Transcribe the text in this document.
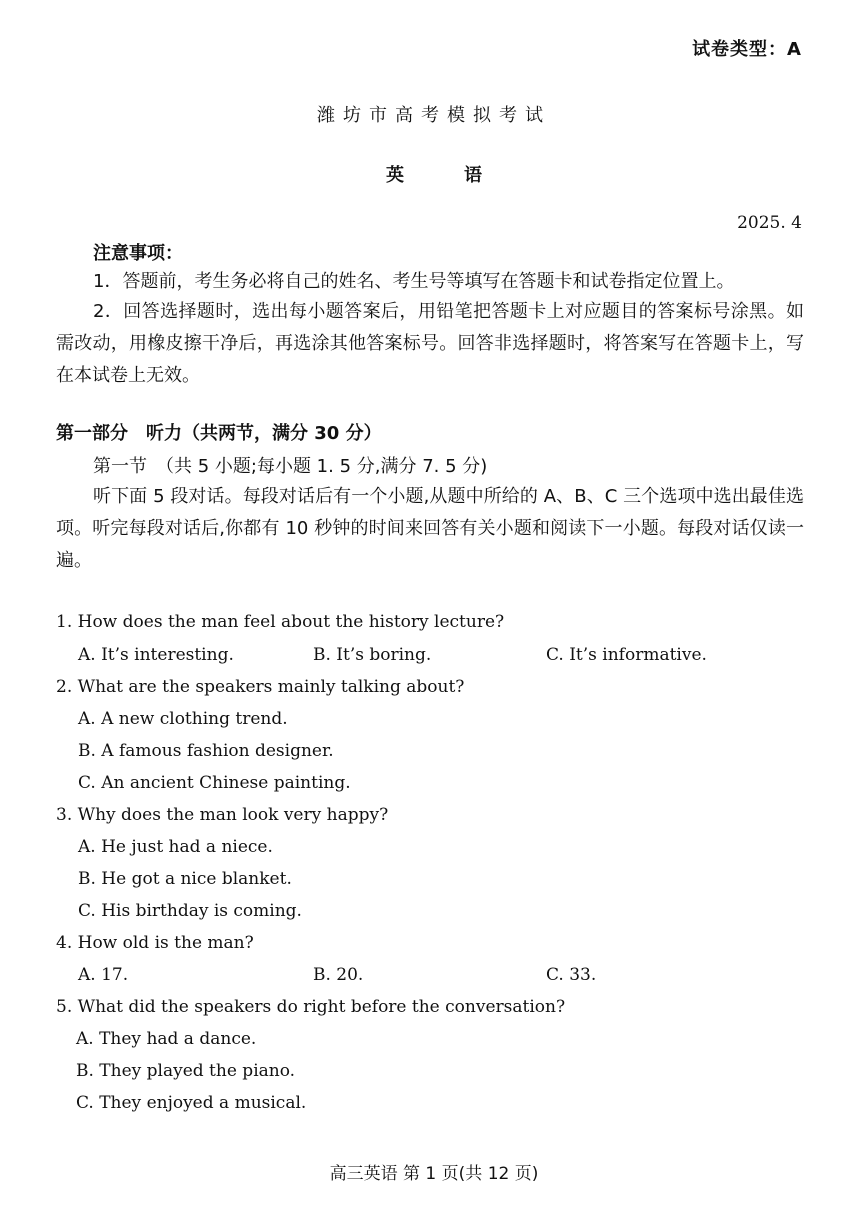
试卷类型：A
潍坊市高考模拟考试
英语
2025. 4
注意事项：
1．答题前，考生务必将自己的姓名、考生号等填写在答题卡和试卷指定位置上。
2．回答选择题时，选出每小题答案后，用铅笔把答题卡上对应题目的答案标号涂黑。如需改动，用橡皮擦干净后，再选涂其他答案标号。回答非选择题时，将答案写在答题卡上，写在本试卷上无效。
第一部分　听力（共两节，满分 30 分）
第一节　（共 5 小题;每小题 1. 5 分,满分 7. 5 分)
听下面 5 段对话。每段对话后有一个小题,从题中所给的 A、B、C 三个选项中选出最佳选项。听完每段对话后,你都有 10 秒钟的时间来回答有关小题和阅读下一小题。每段对话仅读一遍。
1. How does the man feel about the history lecture?
A. It’s interesting.	B. It’s boring.	C. It’s informative.
2. What are the speakers mainly talking about?
A. A new clothing trend.
B. A famous fashion designer.
C. An ancient Chinese painting.
3. Why does the man look very happy?
A. He just had a niece.
B. He got a nice blanket.
C. His birthday is coming.
4. How old is the man?
A. 17.	B. 20.	C. 33.
5. What did the speakers do right before the conversation?
A. They had a dance.
B. They played the piano.
C. They enjoyed a musical.
高三英语 第 1 页(共 12 页)
